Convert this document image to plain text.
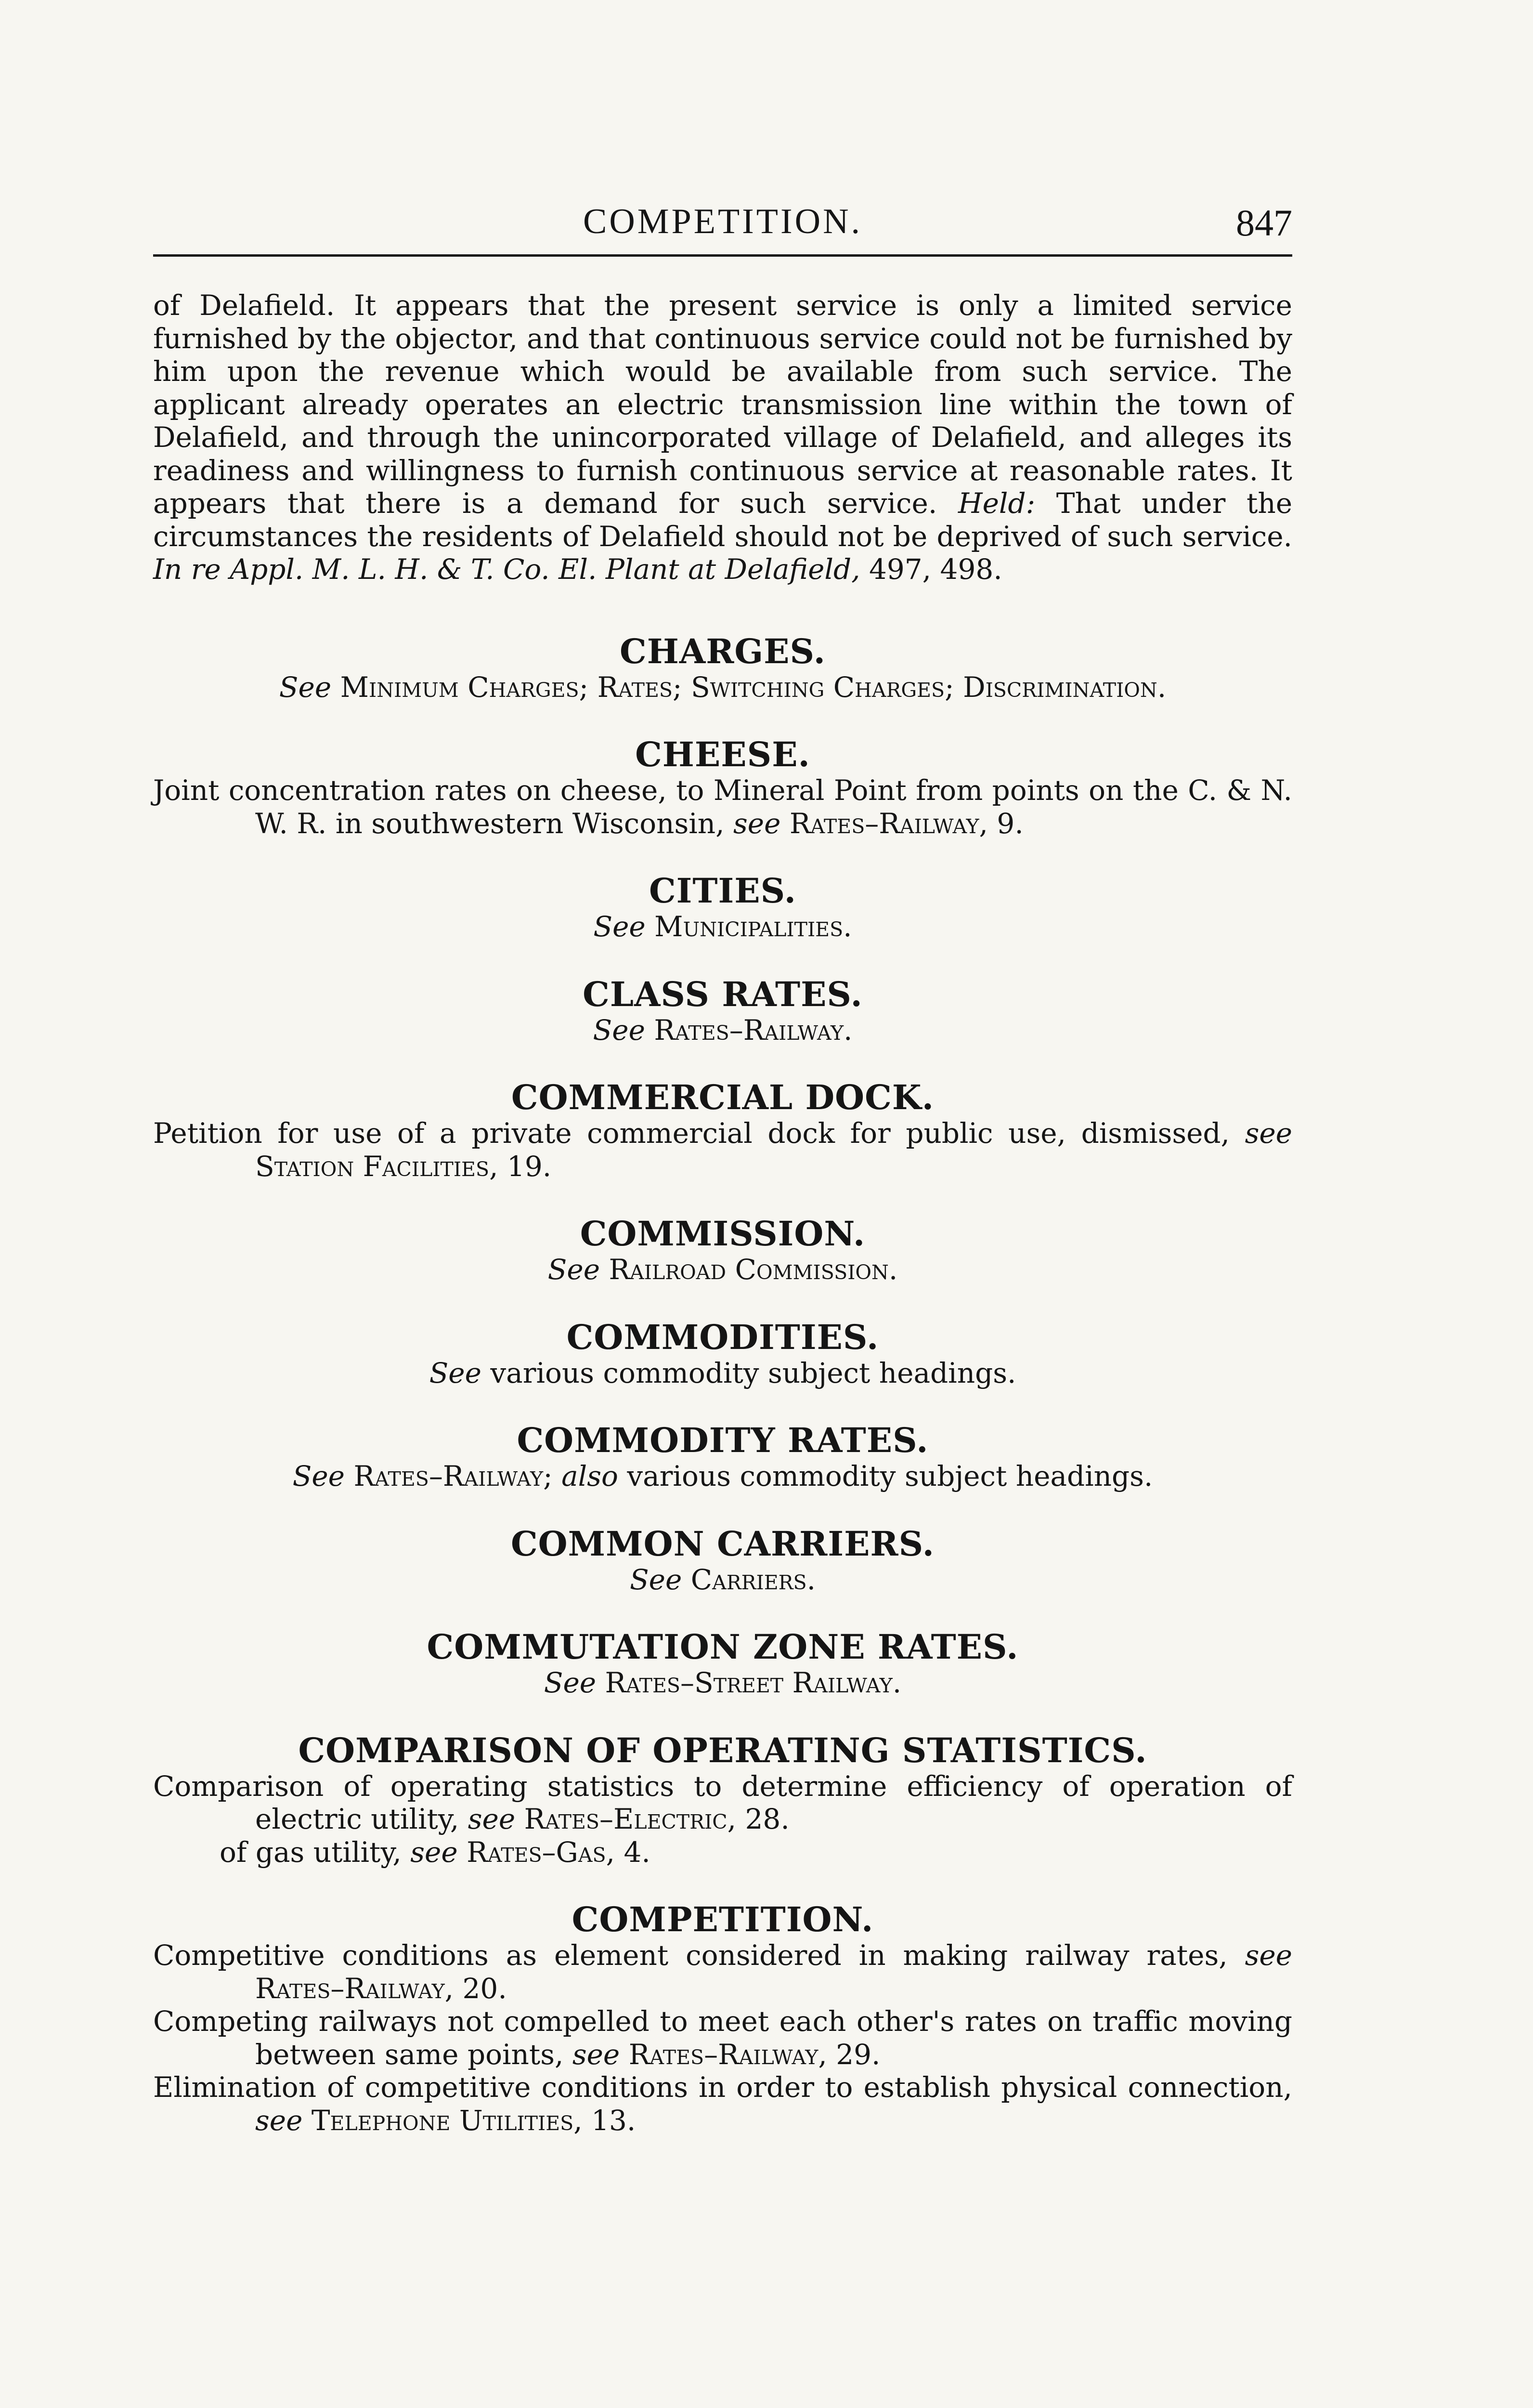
COMPETITION.	847

of Delafield. It appears that the present service is only a limited service furnished by the objector, and that continuous service could not be furnished by him upon the revenue which would be available from such service. The applicant already operates an electric transmission line within the town of Delafield, and through the unincorporated village of Delafield, and alleges its readiness and willingness to furnish continuous service at reasonable rates. It appears that there is a demand for such service. Held: That under the circumstances the residents of Delafield should not be deprived of such service. In re Appl. M. L. H. & T. Co. El. Plant at Delafield, 497, 498.

CHARGES.

See Minimum Charges; Rates; Switching Charges; Discrimination.

CHEESE.

Joint concentration rates on cheese, to Mineral Point from points on the C. & N. W. R. in southwestern Wisconsin, see Rates–Railway, 9.

CITIES.

See Municipalities.

CLASS RATES.

See Rates–Railway.

COMMERCIAL DOCK.

Petition for use of a private commercial dock for public use, dismissed, see Station Facilities, 19.

COMMISSION.

See Railroad Commission.

COMMODITIES.

See various commodity subject headings.

COMMODITY RATES.

See Rates–Railway; also various commodity subject headings.

COMMON CARRIERS.

See Carriers.

COMMUTATION ZONE RATES.

See Rates–Street Railway.

COMPARISON OF OPERATING STATISTICS.

Comparison of operating statistics to determine efficiency of operation of electric utility, see Rates–Electric, 28.

of gas utility, see Rates–Gas, 4.

COMPETITION.

Competitive conditions as element considered in making railway rates, see Rates–Railway, 20.

Competing railways not compelled to meet each other's rates on traffic moving between same points, see Rates–Railway, 29.

Elimination of competitive conditions in order to establish physical connection, see Telephone Utilities, 13.
